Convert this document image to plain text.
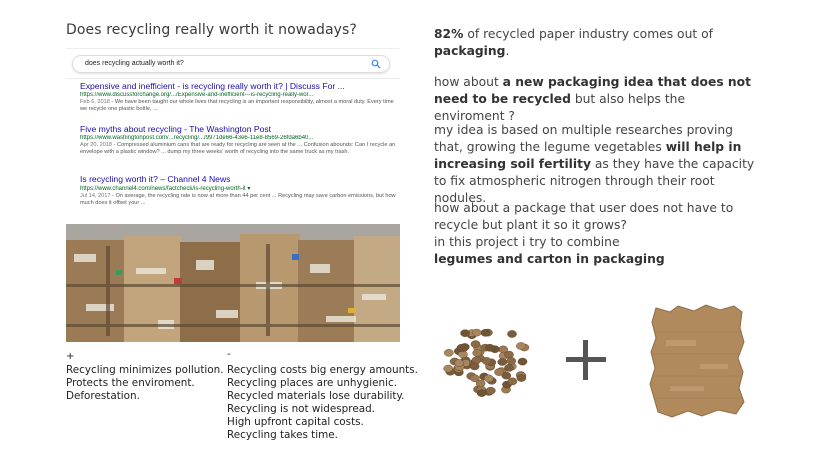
Does recycling really worth it nowadays?
does recycling actually worth it?
Expensive and inefficient - is recycling really worth it? | Discuss For ...
https://www.discussforchange.org/.../Expensive-and-inefficient---is-recycling-really-wor...
Feb 6, 2018 - We have been taught our whole lives that recycling is an important responsibility, almost a moral duty. Every time we recycle one plastic bottle, ...
Five myths about recycling - The Washington Post
https://www.washingtonpost.com/...recycling/.../9971de66-43e6-11e8-8569-26fda6b40...
Apr 20, 2018 - Compressed aluminium cans that are ready for recycling are seen at the ... Confusion abounds: Can I recycle an envelope with a plastic window? ... dump my three weeks' worth of recycling into the same truck as my trash.
Is recycling worth it? – Channel 4 News
https://www.channel4.com/news/factcheck/is-recycling-worth-it ▾
Jul 14, 2017 - On average, the recycling rate is now at more than 44 per cent ... Recycling may save carbon emissions, but how much does it offset your ...
+
Recycling minimizes pollution.
Protects the enviroment.
Deforestation.
-
Recycling costs big energy amounts.
Recycling places are unhygienic.
Recycled materials lose durability.
Recycling is not widespread.
High upfront capital costs.
Recycling takes time.
82% of recycled paper industry comes out of packaging.
how about a new packaging idea that does not need to be recycled but also helps the enviroment ?
my idea is based on multiple researches proving that, growing the legume vegetables will help in increasing soil fertility as they have the capacity to fix atmospheric nitrogen through their root nodules.
how about a package that user does not have to recycle but plant it so it grows?
in this project i try to combine
legumes and carton in packaging
